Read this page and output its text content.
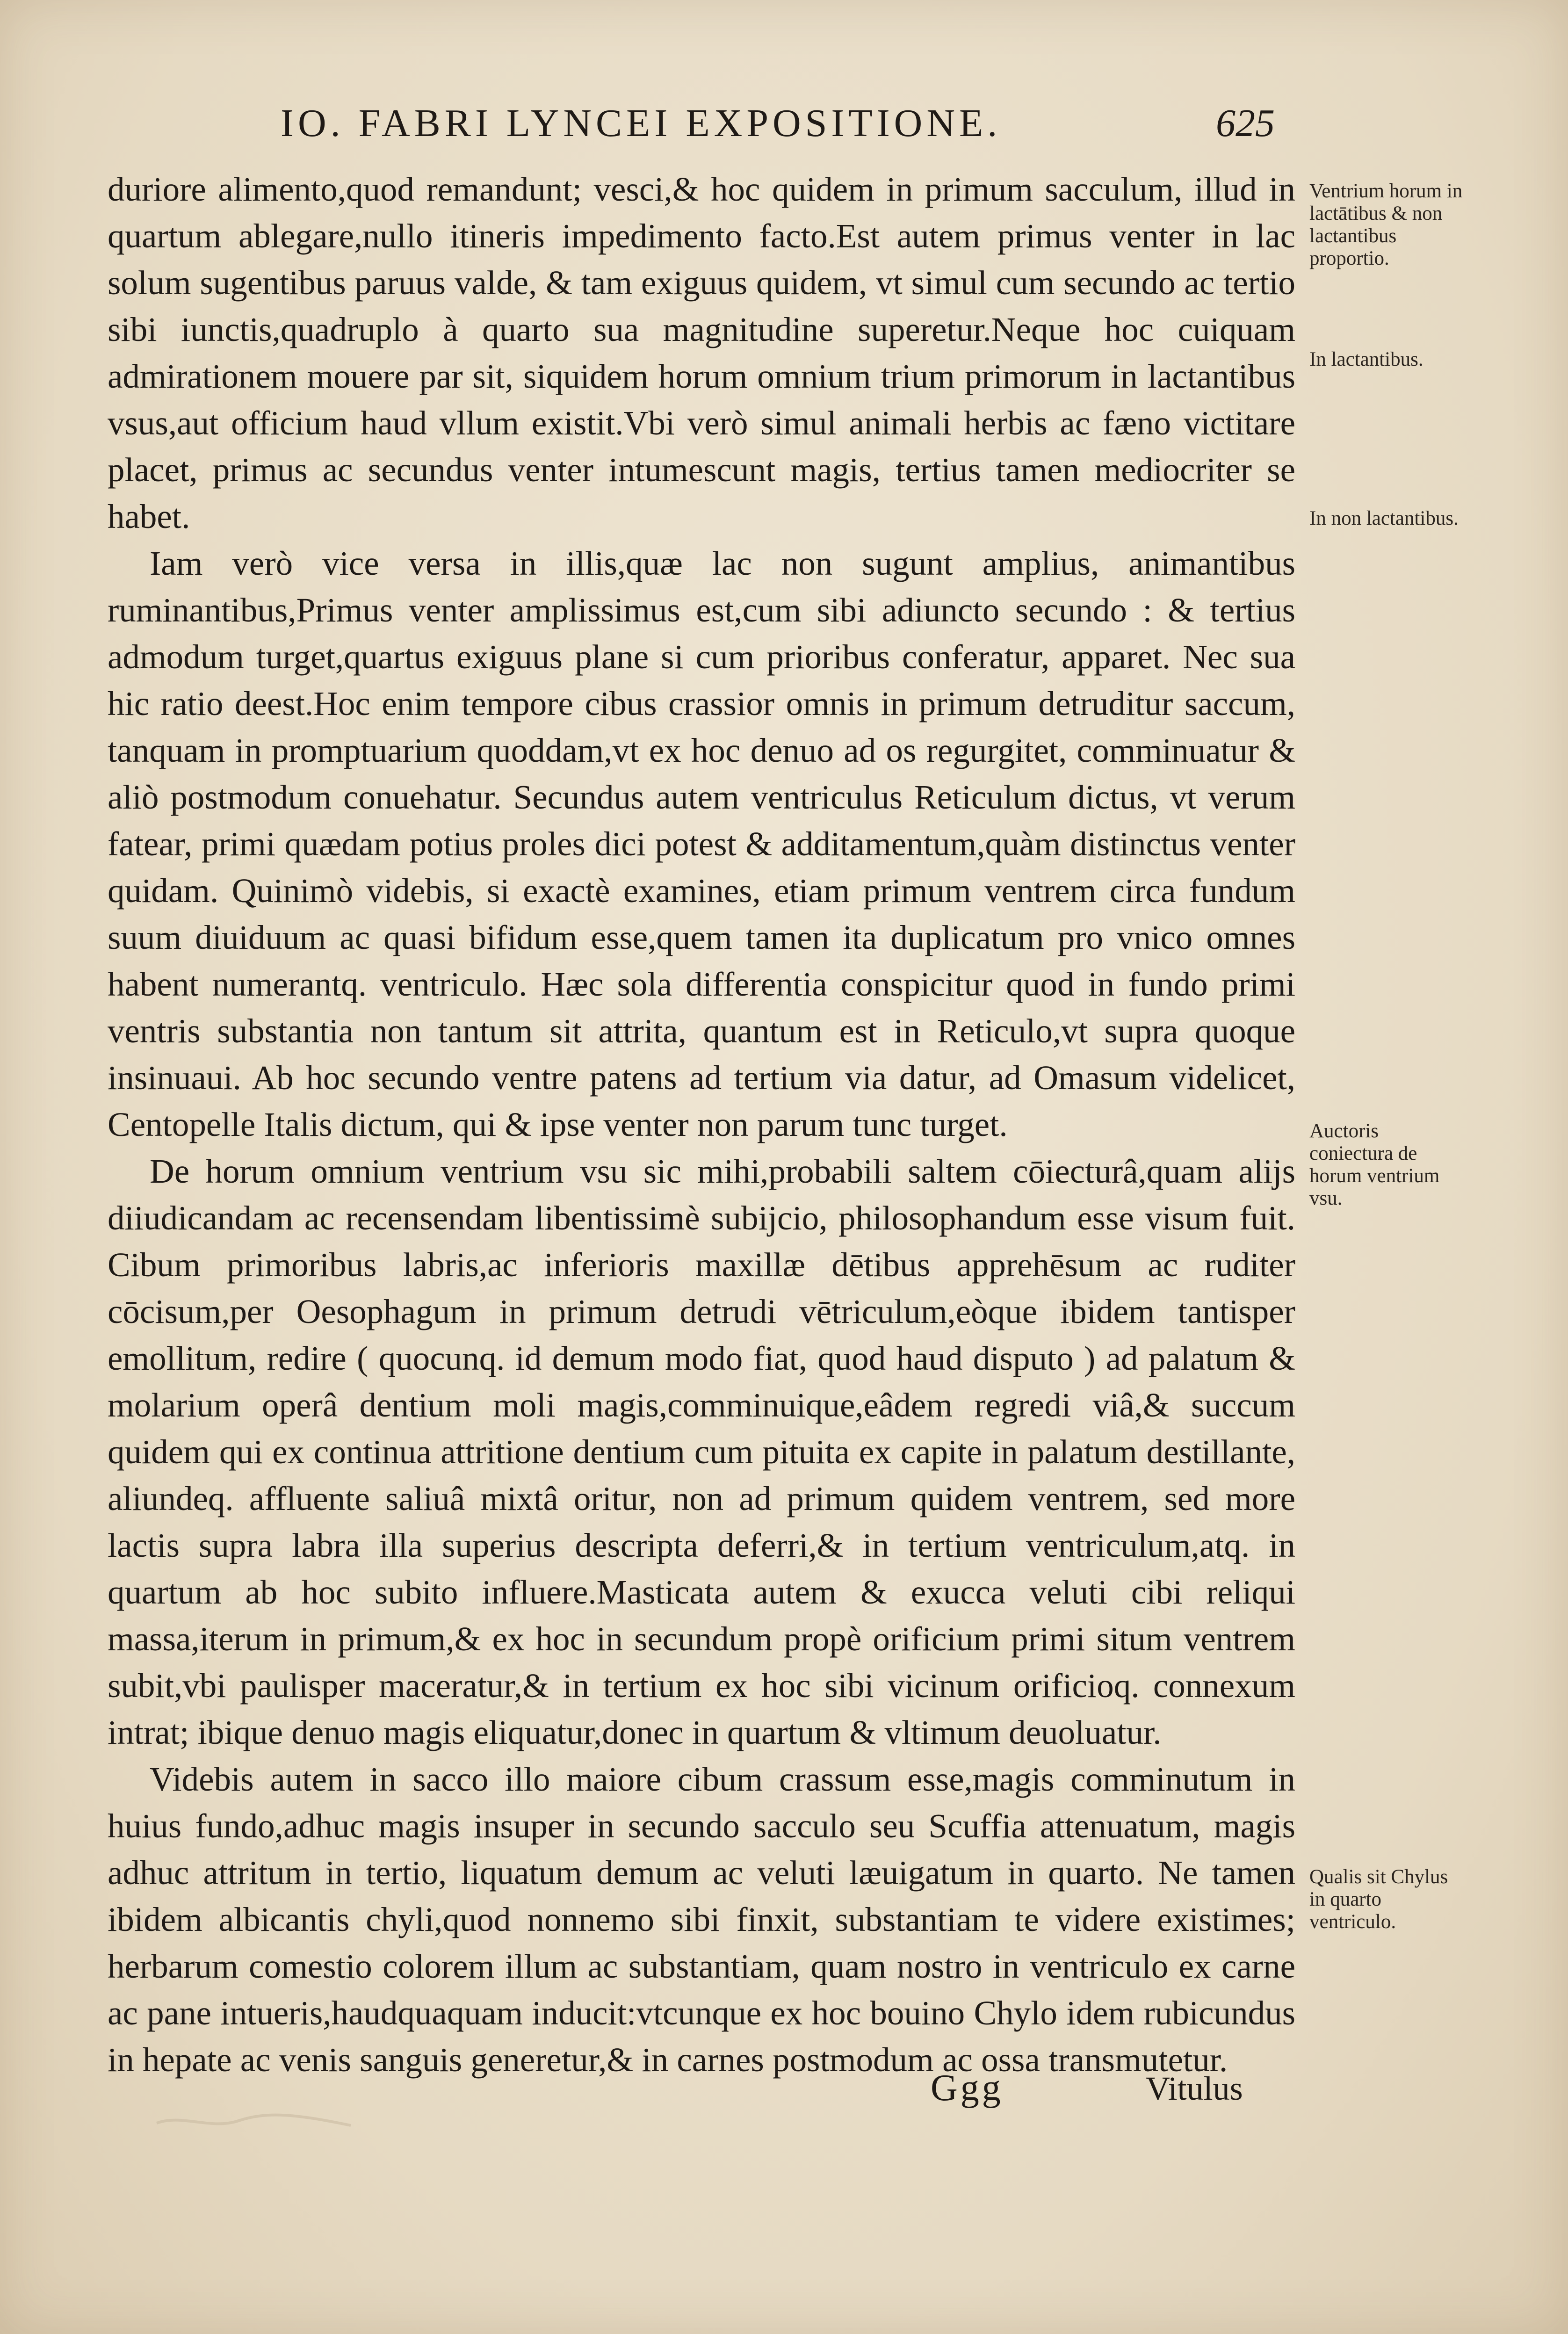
IO. FABRI LYNCEI EXPOSITIONE.	625

duriore alimento,quod remandunt; vesci,& hoc quidem in primum sacculum, illud in quartum ablegare,nullo itineris impedimento facto.Est autem primus venter in lac solum sugentibus paruus valde, & tam exiguus quidem, vt simul cum secundo ac tertio sibi iunctis,quadruplo à quarto sua magnitudine superetur.Neque hoc cuiquam admirationem mouere par sit, siquidem horum omnium trium primorum in lactantibus vsus,aut officium haud vllum existit.Vbi verò simul animali herbis ac fæno victitare placet, primus ac secundus venter intumescunt magis, tertius tamen mediocriter se habet.

Iam verò vice versa in illis,quæ lac non sugunt amplius, animantibus ruminantibus,Primus venter amplissimus est,cum sibi adiuncto secundo : & tertius admodum turget,quartus exiguus plane si cum prioribus conferatur, apparet. Nec sua hic ratio deest.Hoc enim tempore cibus crassior omnis in primum detruditur saccum, tanquam in promptuarium quoddam,vt ex hoc denuo ad os regurgitet, comminuatur & aliò postmodum conuehatur. Secundus autem ventriculus Reticulum dictus, vt verum fatear, primi quædam potius proles dici potest & additamentum,quàm distinctus venter quidam. Quinimò videbis, si exactè examines, etiam primum ventrem circa fundum suum diuiduum ac quasi bifidum esse,quem tamen ita duplicatum pro vnico omnes habent numerantq. ventriculo. Hæc sola differentia conspicitur quod in fundo primi ventris substantia non tantum sit attrita, quantum est in Reticulo,vt supra quoque insinuaui. Ab hoc secundo ventre patens ad tertium via datur, ad Omasum videlicet, Centopelle Italis dictum, qui & ipse venter non parum tunc turget.

De horum omnium ventrium vsu sic mihi,probabili saltem cōiecturâ,quam alijs diiudicandam ac recensendam libentissimè subijcio, philosophandum esse visum fuit. Cibum primoribus labris,ac inferioris maxillæ dētibus apprehēsum ac ruditer cōcisum,per Oesophagum in primum detrudi vētriculum,eòque ibidem tantisper emollitum, redire ( quocunq. id demum modo fiat, quod haud disputo ) ad palatum & molarium operâ dentium moli magis,comminuique,eâdem regredi viâ,& succum quidem qui ex continua attritione dentium cum pituita ex capite in palatum destillante, aliundeq. affluente saliuâ mixtâ oritur, non ad primum quidem ventrem, sed more lactis supra labra illa superius descripta deferri,& in tertium ventriculum,atq. in quartum ab hoc subito influere.Masticata autem & exucca veluti cibi reliqui massa,iterum in primum,& ex hoc in secundum propè orificium primi situm ventrem subit,vbi paulisper maceratur,& in tertium ex hoc sibi vicinum orificioq. connexum intrat; ibique denuo magis eliquatur,donec in quartum & vltimum deuoluatur.

Videbis autem in sacco illo maiore cibum crassum esse,magis comminutum in huius fundo,adhuc magis insuper in secundo sacculo seu Scuffia attenuatum, magis adhuc attritum in tertio, liquatum demum ac veluti læuigatum in quarto. Ne tamen ibidem albicantis chyli,quod nonnemo sibi finxit, substantiam te videre existimes; herbarum comestio colorem illum ac substantiam, quam nostro in ventriculo ex carne ac pane intueris,haudquaquam inducit:vtcunque ex hoc bouino Chylo idem rubicundus in hepate ac venis sanguis generetur,& in carnes postmodum ac ossa transmutetur.

Ventrium horum in lactātibus & non lactantibus proportio.
In lactantibus.
In non lactantibus.
Auctoris coniectura de horum ventrium vsu.
Qualis sit Chylus in quarto ventriculo.
Ggg	Vitulus
